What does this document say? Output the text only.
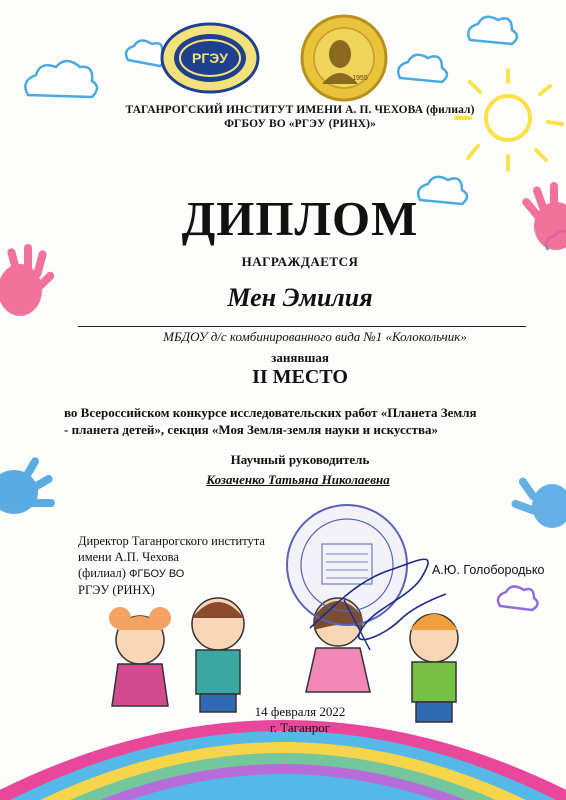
РГЭУ
1955
ТАГАНРОГСКИЙ ИНСТИТУТ ИМЕНИ А. П. ЧЕХОВА (филиал)
ФГБОУ ВО «РГЭУ (РИНХ)»
ДИПЛОМ
НАГРАЖДАЕТСЯ
Мен Эмилия
МБДОУ д/с комбинированного вида №1 «Колокольчик»
занявшая
II МЕСТО
во Всероссийском конкурсе исследовательских работ «Планета Земля
- планета детей», секция «Моя Земля-земля науки и искусства»
Научный руководитель
Козаченко Татьяна Николаевна
Директор Таганрогского института
имени А.П. Чехова
(филиал) ФГБОУ ВО
РГЭУ (РИНХ)
А.Ю. Голобородько
14 февраля 2022
г. Таганрог
